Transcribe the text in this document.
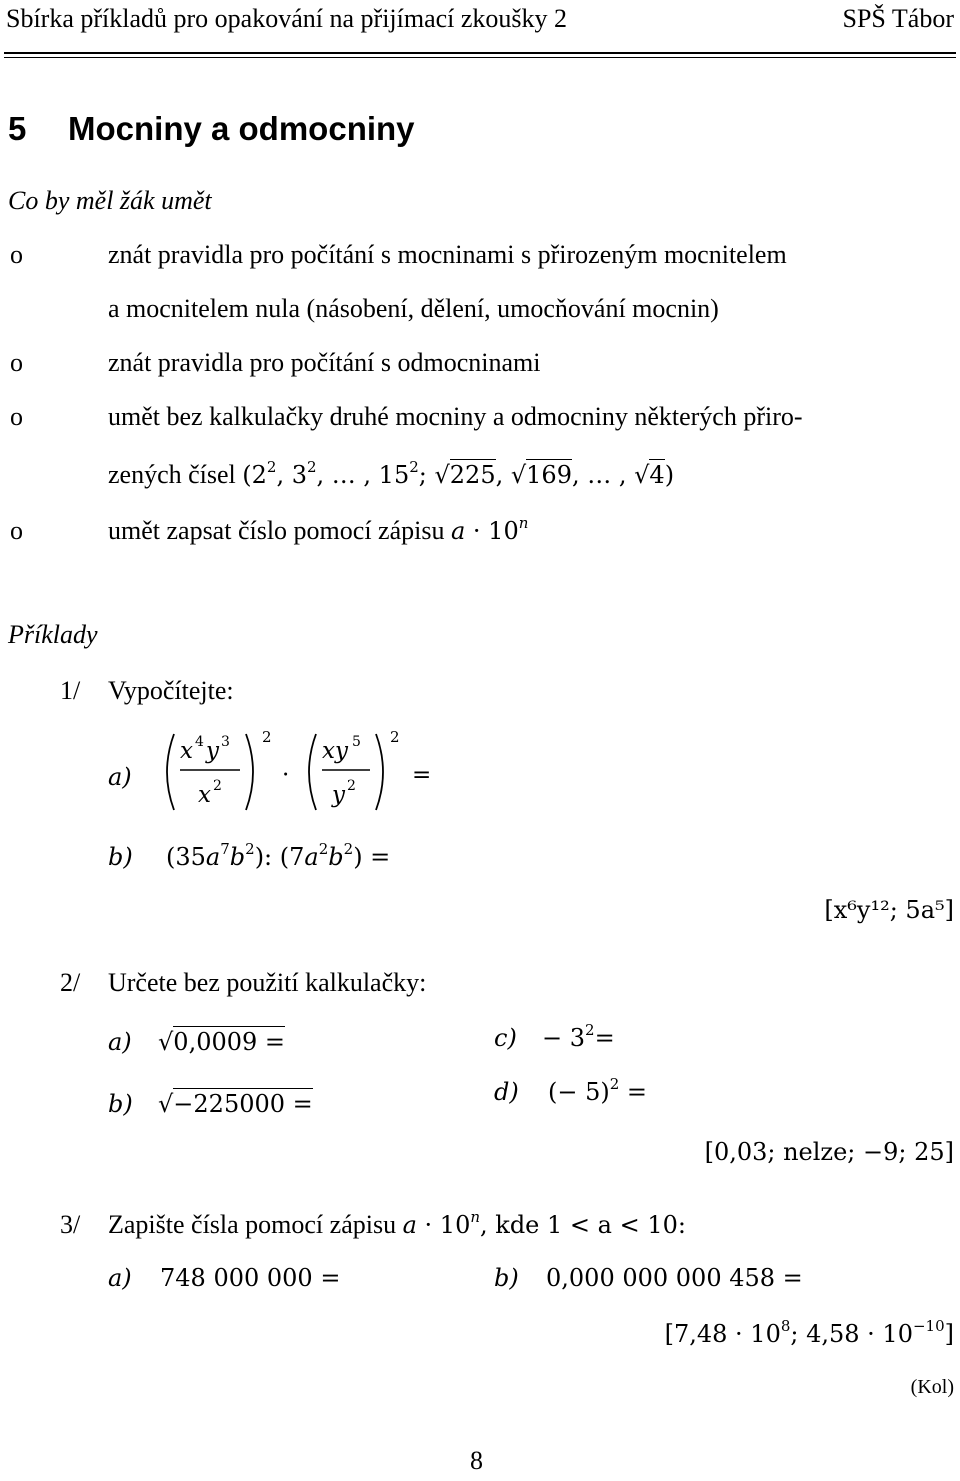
Sbírka příkladů pro opakování na přijímací zkoušky 2	SPŠ Tábor
5 Mocniny a odmocniny
Co by měl žák umět
o	znát pravidla pro počítání s mocninami s přirozeným mocnitelem
a mocnitelem nula (násobení, dělení, umocňování mocnin)
o	znát pravidla pro počítání s odmocninami
o	umět bez kalkulačky druhé mocniny a odmocniny některých přiro-
zených čísel ($2^2$, $3^2$, … , $15^2$; √225, √169, … , √4)
o	umět zapsat číslo pomocí zápisu $a \cdot 10^n$
Příklady
1/ Vypočítejte:
a)
x 4 y 3
x 2
2
·
xy 5
y 2
2
=
b) $(35a^7b^2)$: $(7a^2b^2)$ =
[x⁶y¹²; 5a⁵]
2/ Určete bez použití kalkulačky:
a) √0,0009 =
b) √−225000 =
$c) - 3^2=$
d) (− 5)$^2$ =
[0,03; nelze; −9; 25]
3/ Zapište čísla pomocí zápisu $a \cdot 10^n$, kde 1 < a < 10:
a) 748 000 000 =	b) 0,000 000 000 458 =
[$7,48 \cdot 10^8$; $4,58 \cdot 10^{-10}$]
(Kol)
8
